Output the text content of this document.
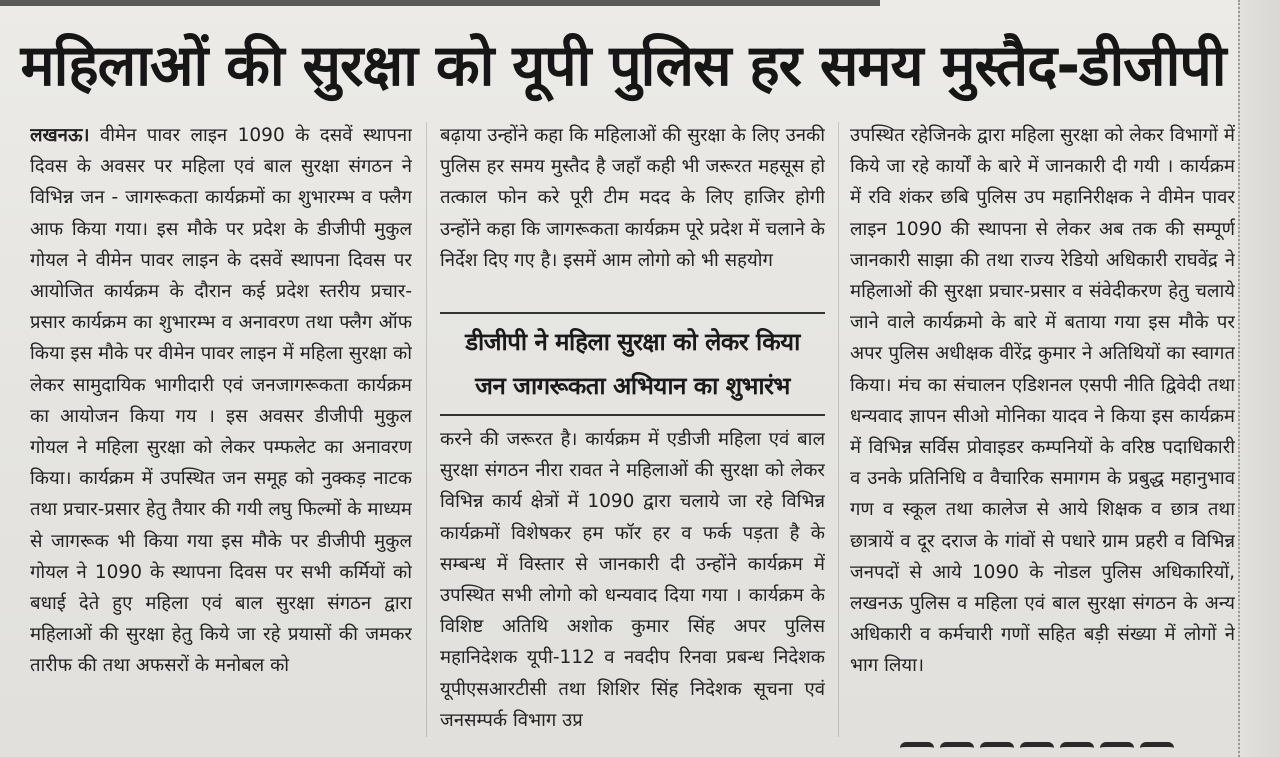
महिलाओं की सुरक्षा को यूपी पुलिस हर समय मुस्तैद-डीजीपी

लखनऊ। वीमेन पावर लाइन 1090 के दसवें स्थापना दिवस के अवसर पर महिला एवं बाल सुरक्षा संगठन ने विभिन्न जन - जागरूकता कार्यक्रमों का शुभारम्भ व फ्लैग आफ किया गया। इस मौके पर प्रदेश के डीजीपी मुकुल गोयल ने वीमेन पावर लाइन के दसवें स्थापना दिवस पर आयोजित कार्यक्रम के दौरान कई प्रदेश स्तरीय प्रचार-प्रसार कार्यक्रम का शुभारम्भ व अनावरण तथा फ्लैग ऑफ किया इस मौके पर वीमेन पावर लाइन में महिला सुरक्षा को लेकर सामुदायिक भागीदारी एवं जनजागरूकता कार्यक्रम का आयोजन किया गय । इस अवसर डीजीपी मुकुल गोयल ने महिला सुरक्षा को लेकर पम्फलेट का अनावरण किया। कार्यक्रम में उपस्थित जन समूह को नुक्कड़ नाटक तथा प्रचार-प्रसार हेतु तैयार की गयी लघु फिल्मों के माध्यम से जागरूक भी किया गया इस मौके पर डीजीपी मुकुल गोयल ने 1090 के स्थापना दिवस पर सभी कर्मियों को बधाई देते हुए महिला एवं बाल सुरक्षा संगठन द्वारा महिलाओं की सुरक्षा हेतु किये जा रहे प्रयासों की जमकर तारीफ की तथा अफसरों के मनोबल को

बढ़ाया उन्होंने कहा कि महिलाओं की सुरक्षा के लिए उनकी पुलिस हर समय मुस्तैद है जहाँ कही भी जरूरत महसूस हो तत्काल फोन करे पूरी टीम मदद के लिए हाजिर होगी उन्होंने कहा कि जागरूकता कार्यक्रम पूरे प्रदेश में चलाने के निर्देश दिए गए है। इसमें आम लोगो को भी सहयोग

डीजीपी ने महिला सुरक्षा को लेकर किया
जन जागरूकता अभियान का शुभारंभ

करने की जरूरत है। कार्यक्रम में एडीजी महिला एवं बाल सुरक्षा संगठन नीरा रावत ने महिलाओं की सुरक्षा को लेकर विभिन्न कार्य क्षेत्रों में 1090 द्वारा चलाये जा रहे विभिन्न कार्यक्रमों विशेषकर हम फॉर हर व फर्क पड़ता है के सम्बन्ध में विस्तार से जानकारी दी उन्होंने कार्यक्रम में उपस्थित सभी लोगो को धन्यवाद दिया गया । कार्यक्रम के विशिष्ट अतिथि अशोक कुमार सिंह अपर पुलिस महानिदेशक यूपी-112 व नवदीप रिनवा प्रबन्ध निदेशक यूपीएसआरटीसी तथा शिशिर सिंह निदेशक सूचना एवं जनसम्पर्क विभाग उप्र

उपस्थित रहेजिनके द्वारा महिला सुरक्षा को लेकर विभागों में किये जा रहे कार्यों के बारे में जानकारी दी गयी । कार्यक्रम में रवि शंकर छबि पुलिस उप महानिरीक्षक ने वीमेन पावर लाइन 1090 की स्थापना से लेकर अब तक की सम्पूर्ण जानकारी साझा की तथा राज्य रेडियो अधिकारी राघवेंद्र ने महिलाओं की सुरक्षा प्रचार-प्रसार व संवेदीकरण हेतु चलाये जाने वाले कार्यक्रमो के बारे में बताया गया इस मौके पर अपर पुलिस अधीक्षक वीरेंद्र कुमार ने अतिथियों का स्वागत किया। मंच का संचालन एडिशनल एसपी नीति द्विवेदी तथा धन्यवाद ज्ञापन सीओ मोनिका यादव ने किया इस कार्यक्रम में विभिन्न सर्विस प्रोवाइडर कम्पनियों के वरिष्ठ पदाधिकारी व उनके प्रतिनिधि व वैचारिक समागम के प्रबुद्ध महानुभाव गण व स्कूल तथा कालेज से आये शिक्षक व छात्र तथा छात्रायें व दूर दराज के गांवों से पधारे ग्राम प्रहरी व विभिन्न जनपदों से आये 1090 के नोडल पुलिस अधिकारियों, लखनऊ पुलिस व महिला एवं बाल सुरक्षा संगठन के अन्य अधिकारी व कर्मचारी गणों सहित बड़ी संख्या में लोगों ने भाग लिया।
